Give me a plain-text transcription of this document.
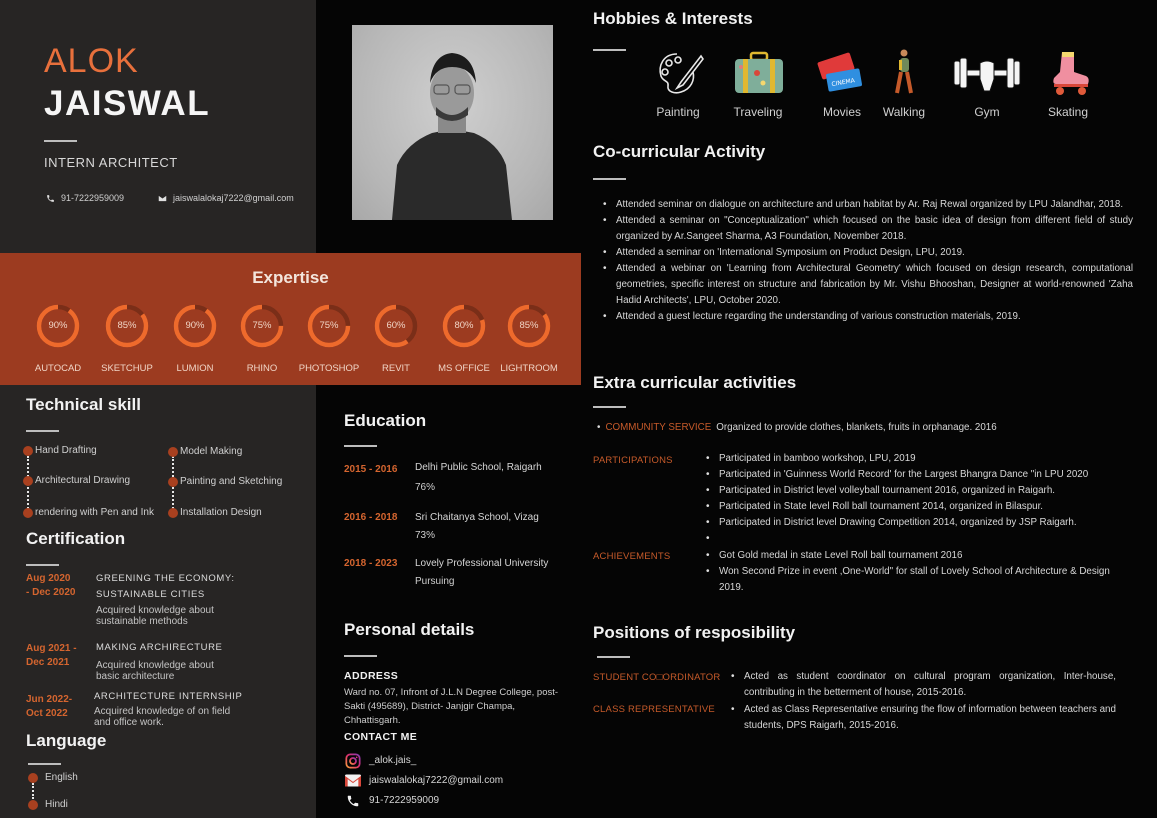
ALOK
JAISWAL
INTERN ARCHITECT
91-7222959009	jaiswalalokaj7222@gmail.com
Expertise
90%
AUTOCAD
85%
SKETCHUP
90%
LUMION
75%
RHINO
75%
PHOTOSHOP
60%
REVIT
80%
MS OFFICE
85%
LIGHTROOM
Technical skill
Hand Drafting
Architectural Drawing
rendering with Pen and Ink
Model Making
Painting and Sketching
Installation Design
Certification
Aug 2020
- Dec 2020
GREENING THE ECONOMY:
SUSTAINABLE CITIES
Acquired knowledge about
sustainable methods
Aug 2021 -
Dec 2021
MAKING ARCHIRECTURE
Acquired knowledge about
basic architecture
Jun 2022-
Oct 2022
ARCHITECTURE INTERNSHIP
Acquired knowledge of on field
and office work.
Language
English
Hindi
Education
2015 - 2016 Delhi Public School, Raigarh
76%
2016 - 2018 Sri Chaitanya School, Vizag
73%
2018 - 2023 Lovely Professional University
Pursuing
Personal details
ADDRESS
Ward no. 07, Infront of J.L.N Degree College, post-Sakti (495689), District- Janjgir Champa, Chhattisgarh.
CONTACT ME
_alok.jais_
jaiswalalokaj7222@gmail.com
91-7222959009
Hobbies & Interests
CINEMA
Painting	Traveling	Movies	Walking	Gym	Skating
Co-curricular Activity
• Attended seminar on dialogue on architecture and urban habitat by Ar. Raj Rewal organized by LPU Jalandhar, 2018.
• Attended a seminar on "Conceptualization" which focused on the basic idea of design from different field of study organized by Ar.Sangeet Sharma, A3 Foundation, November 2018.
• Attended a seminar on 'International Symposium on Product Design, LPU, 2019.
• Attended a webinar on 'Learning from Architectural Geometry' which focused on design research, computational geometries, specific interest on structure and fabrication by Mr. Vishu Bhooshan, Designer at world-renowned 'Zaha Hadid Architects', LPU, October 2020.
• Attended a guest lecture regarding the understanding of various construction materials, 2019.
Extra curricular activities
• COMMUNITY SERVICE Organized to provide clothes, blankets, fruits in orphanage. 2016
PARTICIPATIONS	• Participated in bamboo workshop, LPU, 2019
• Participated in 'Guinness World Record' for the Largest Bhangra Dance "in LPU 2020
• Participated in District level volleyball tournament 2016, organized in Raigarh.
• Participated in State level Roll ball tournament 2014, organized in Bilaspur.
• Participated in District level Drawing Competition 2014, organized by JSP Raigarh.
•
ACHIEVEMENTS	• Got Gold medal in state Level Roll ball tournament 2016
• Won Second Prize in event ,One-World" for stall of Lovely School of Architecture & Design 2019.
Positions of resposibility
STUDENT CO□ORDINATOR	• Acted as student coordinator on cultural program organization, Inter-house, contributing in the betterment of house, 2015-2016.
CLASS REPRESENTATIVE	• Acted as Class Representative ensuring the flow of information between teachers and students, DPS Raigarh, 2015-2016.
